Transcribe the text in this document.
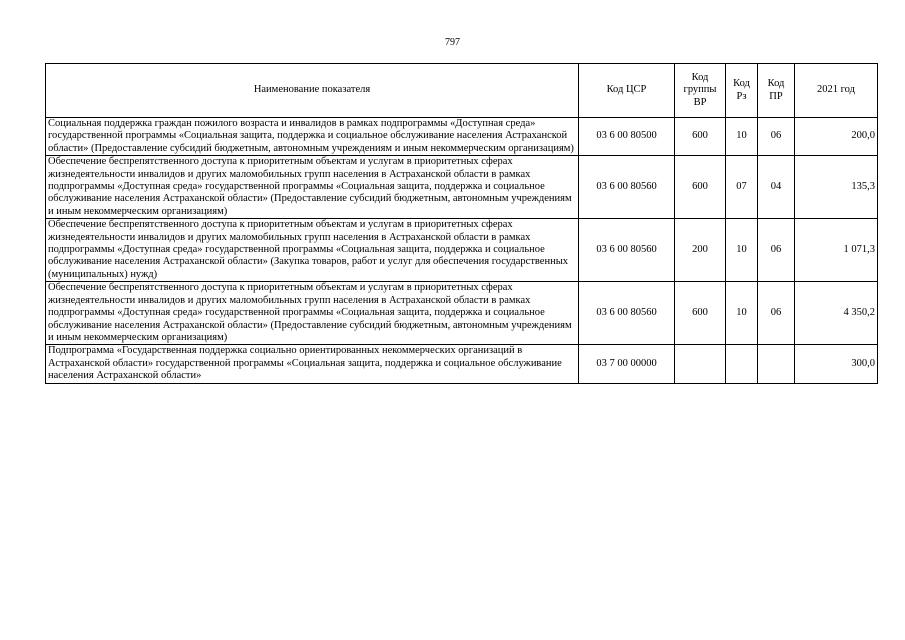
797
Наименование показателя	Код ЦСР	Код группы ВР	Код Рз	Код ПР	2021 год
Социальная поддержка граждан пожилого возраста и инвалидов в рамках подпрограммы «Доступная среда» государственной программы «Социальная защита, поддержка и социальное обслуживание населения Астраханской области» (Предоставление субсидий бюджетным, автономным учреждениям и иным некоммерческим организациям)	03 6 00 80500	600	10	06	200,0
Обеспечение беспрепятственного доступа к приоритетным объектам и услугам в приоритетных сферах жизнедеятельности инвалидов и других маломобильных групп населения в Астраханской области в рамках подпрограммы «Доступная среда» государственной программы «Социальная защита, поддержка и социальное обслуживание населения Астраханской области» (Предоставление субсидий бюджетным, автономным учреждениям и иным некоммерческим организациям)	03 6 00 80560	600	07	04	135,3
Обеспечение беспрепятственного доступа к приоритетным объектам и услугам в приоритетных сферах жизнедеятельности инвалидов и других маломобильных групп населения в Астраханской области в рамках подпрограммы «Доступная среда» государственной программы «Социальная защита, поддержка и социальное обслуживание населения Астраханской области» (Закупка товаров, работ и услуг для обеспечения государственных (муниципальных) нужд)	03 6 00 80560	200	10	06	1 071,3
Обеспечение беспрепятственного доступа к приоритетным объектам и услугам в приоритетных сферах жизнедеятельности инвалидов и других маломобильных групп населения в Астраханской области в рамках подпрограммы «Доступная среда» государственной программы «Социальная защита, поддержка и социальное обслуживание населения Астраханской области» (Предоставление субсидий бюджетным, автономным учреждениям и иным некоммерческим организациям)	03 6 00 80560	600	10	06	4 350,2
Подпрограмма «Государственная поддержка социально ориентированных некоммерческих организаций в Астраханской области» государственной программы «Социальная защита, поддержка и социальное обслуживание населения Астраханской области»	03 7 00 00000				300,0
